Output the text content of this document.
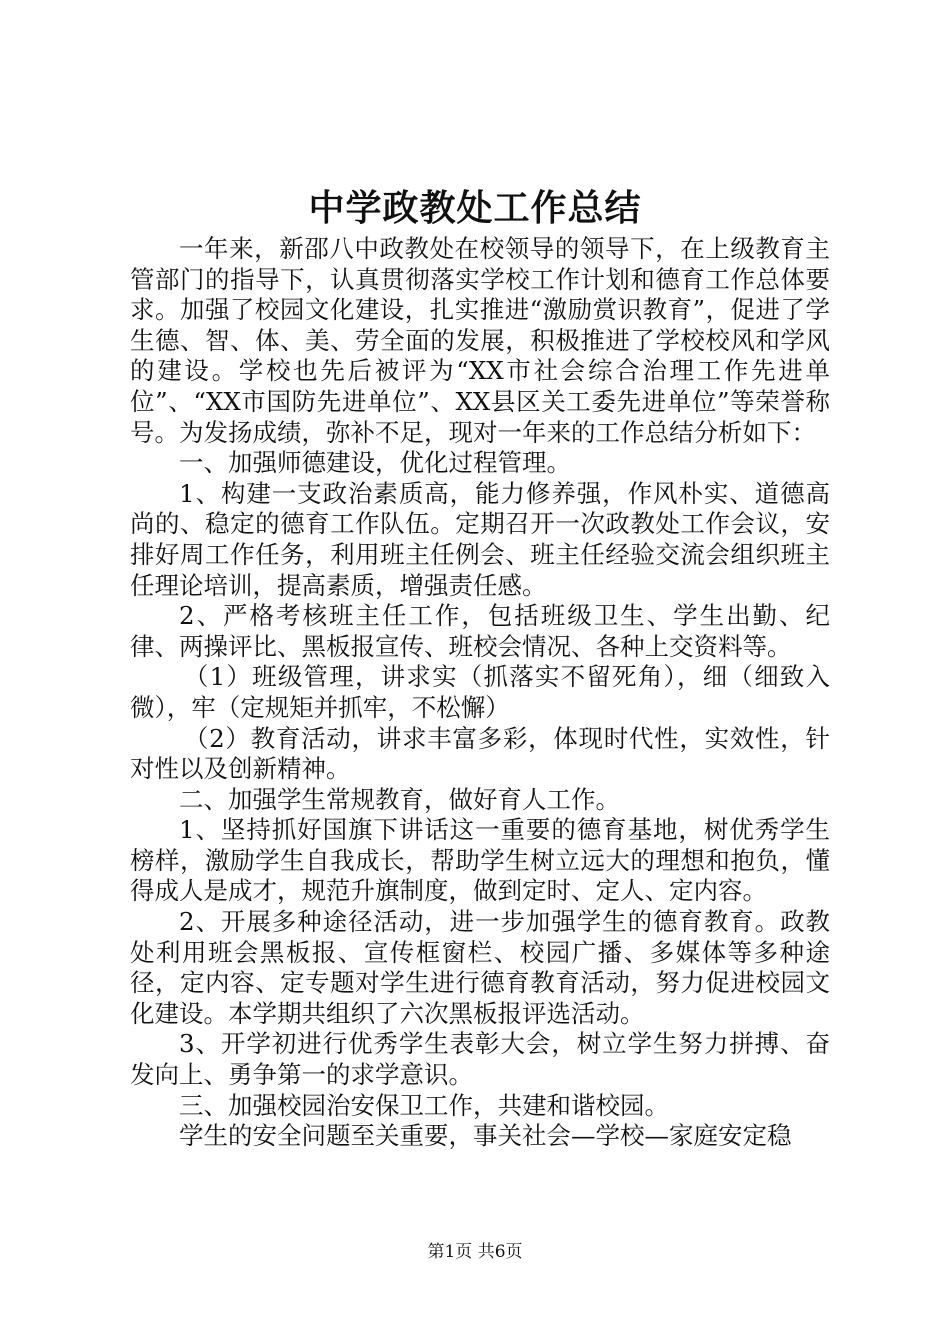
中学政教处工作总结

一年来，新邵八中政教处在校领导的领导下，在上级教育主管部门的指导下，认真贯彻落实学校工作计划和德育工作总体要求。加强了校园文化建设，扎实推进“激励赏识教育”，促进了学生德、智、体、美、劳全面的发展，积极推进了学校校风和学风的建设。学校也先后被评为“XX市社会综合治理工作先进单位”、“XX市国防先进单位”、XX县区关工委先进单位”等荣誉称号。为发扬成绩，弥补不足，现对一年来的工作总结分析如下：

一、加强师德建设，优化过程管理。

1、构建一支政治素质高，能力修养强，作风朴实、道德高尚的、稳定的德育工作队伍。定期召开一次政教处工作会议，安排好周工作任务，利用班主任例会、班主任经验交流会组织班主任理论培训，提高素质，增强责任感。

2、严格考核班主任工作，包括班级卫生、学生出勤、纪律、两操评比、黑板报宣传、班校会情况、各种上交资料等。

（1）班级管理，讲求实（抓落实不留死角），细（细致入微），牢（定规矩并抓牢，不松懈）

（2）教育活动，讲求丰富多彩，体现时代性，实效性，针对性以及创新精神。

二、加强学生常规教育，做好育人工作。

1、坚持抓好国旗下讲话这一重要的德育基地，树优秀学生榜样，激励学生自我成长，帮助学生树立远大的理想和抱负，懂得成人是成才，规范升旗制度，做到定时、定人、定内容。

2、开展多种途径活动，进一步加强学生的德育教育。政教处利用班会黑板报、宣传框窗栏、校园广播、多媒体等多种途径，定内容、定专题对学生进行德育教育活动，努力促进校园文化建设。本学期共组织了六次黑板报评选活动。

3、开学初进行优秀学生表彰大会，树立学生努力拼搏、奋发向上、勇争第一的求学意识。

三、加强校园治安保卫工作，共建和谐校园。

学生的安全问题至关重要，事关社会—学校—家庭安定稳

第1页 共6页
